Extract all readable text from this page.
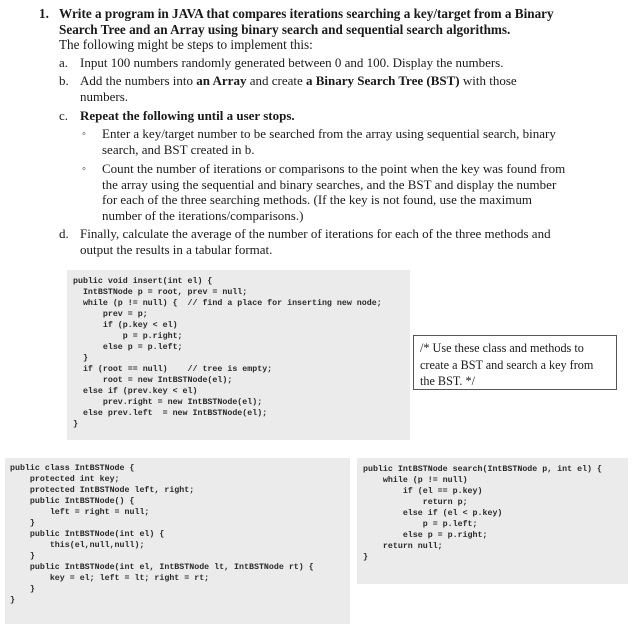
1. Write a program in JAVA that compares iterations searching a key/target from a Binary
Search Tree and an Array using binary search and sequential search algorithms.
The following might be steps to implement this:
a. Input 100 numbers randomly generated between 0 and 100. Display the numbers.
b. Add the numbers into an Array and create a Binary Search Tree (BST) with those
numbers.
c. Repeat the following until a user stops.
◦ Enter a key/target number to be searched from the array using sequential search, binary
search, and BST created in b.
◦ Count the number of iterations or comparisons to the point when the key was found from
the array using the sequential and binary searches, and the BST and display the number
for each of the three searching methods. (If the key is not found, use the maximum
number of the iterations/comparisons.)
d. Finally, calculate the average of the number of iterations for each of the three methods and
output the results in a tabular format.
public void insert(int el) {
IntBSTNode p = root, prev = null;
while (p != null) {  // find a place for inserting new node;
prev = p;
if (p.key < el)
p = p.right;
else p = p.left;
}
if (root == null)    // tree is empty;
root = new IntBSTNode(el);
else if (prev.key < el)
prev.right = new IntBSTNode(el);
else prev.left  = new IntBSTNode(el);
}
/* Use these class and methods to
create a BST and search a key from
the BST. */
public class IntBSTNode {
protected int key;
protected IntBSTNode left, right;
public IntBSTNode() {
left = right = null;
}
public IntBSTNode(int el) {
this(el,null,null);
}
public IntBSTNode(int el, IntBSTNode lt, IntBSTNode rt) {
key = el; left = lt; right = rt;
}
}
public IntBSTNode search(IntBSTNode p, int el) {
while (p != null)
if (el == p.key)
return p;
else if (el < p.key)
p = p.left;
else p = p.right;
return null;
}
